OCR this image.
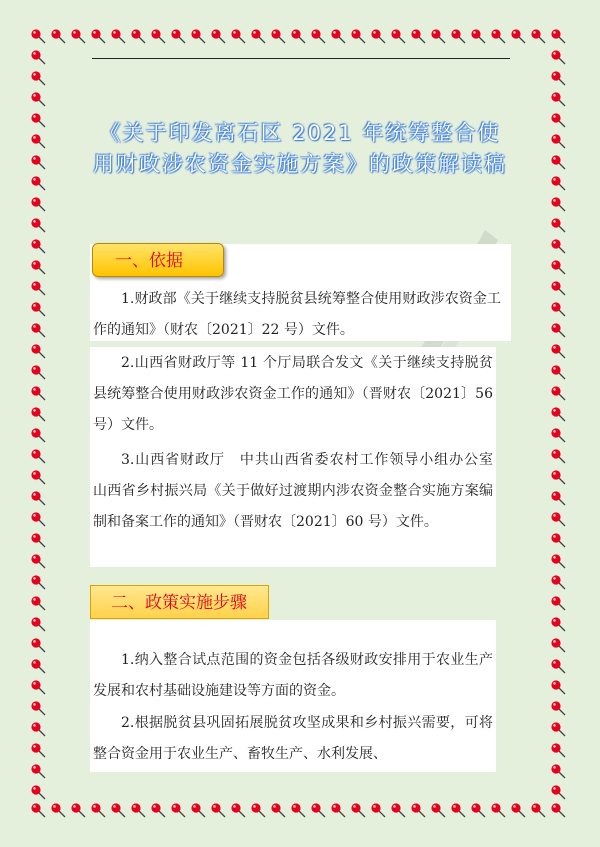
《关于印发离石区 2021 年统筹整合使用财政涉农资金实施方案》的政策解读稿
一、依据

1.财政部《关于继续支持脱贫县统筹整合使用财政涉农资金工作的通知》（财农〔2021〕22 号）文件。

2.山西省财政厅等 11 个厅局联合发文《关于继续支持脱贫县统筹整合使用财政涉农资金工作的通知》（晋财农〔2021〕56 号）文件。

3.山西省财政厅　中共山西省委农村工作领导小组办公室　山西省乡村振兴局《关于做好过渡期内涉农资金整合实施方案编制和备案工作的通知》（晋财农〔2021〕60 号）文件。

二、政策实施步骤

1.纳入整合试点范围的资金包括各级财政安排用于农业生产发展和农村基础设施建设等方面的资金。

2.根据脱贫县巩固拓展脱贫攻坚成果和乡村振兴需要，可将整合资金用于农业生产、畜牧生产、水利发展、
